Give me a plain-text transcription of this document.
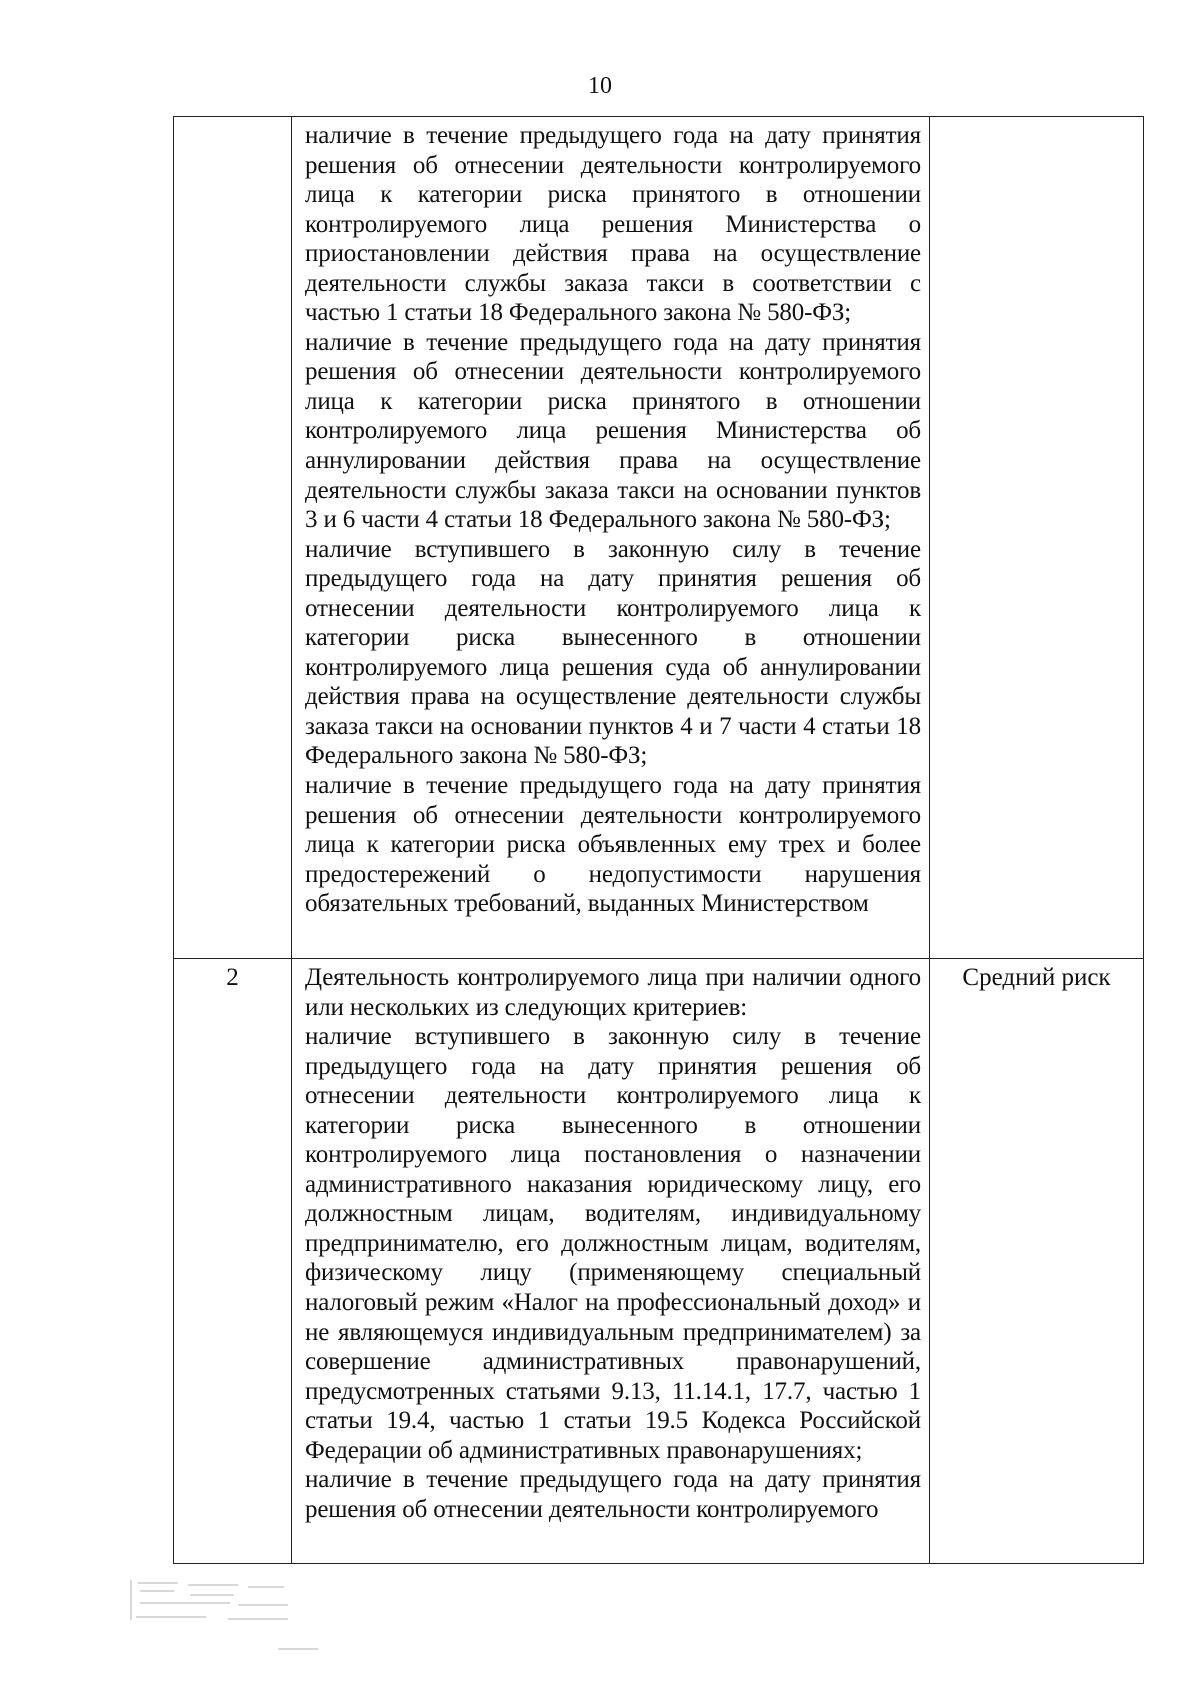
10

	наличие в течение предыдущего года на дату принятия решения об отнесении деятельности контролируемого лица к категории риска принятого в отношении контролируемого лица решения Министерства о приостановлении действия права на осуществление деятельности службы заказа такси в соответствии с частью 1 статьи 18 Федерального закона № 580-ФЗ;

наличие в течение предыдущего года на дату принятия решения об отнесении деятельности контролируемого лица к категории риска принятого в отношении контролируемого лица решения Министерства об аннулировании действия права на осуществление деятельности службы заказа такси на основании пунктов 3 и 6 части 4 статьи 18 Федерального закона № 580-ФЗ;

наличие вступившего в законную силу в течение предыдущего года на дату принятия решения об отнесении деятельности контролируемого лица к категории риска вынесенного в отношении контролируемого лица решения суда об аннулировании действия права на осуществление деятельности службы заказа такси на основании пунктов 4 и 7 части 4 статьи 18 Федерального закона № 580-ФЗ;

наличие в течение предыдущего года на дату принятия решения об отнесении деятельности контролируемого лица к категории риска объявленных ему трех и более предостережений о недопустимости нарушения обязательных требований, выданных Министерством	

2	Деятельность контролируемого лица при наличии одного или нескольких из следующих критериев:

наличие вступившего в законную силу в течение предыдущего года на дату принятия решения об отнесении деятельности контролируемого лица к категории риска вынесенного в отношении контролируемого лица постановления о назначении административного наказания юридическому лицу, его должностным лицам, водителям, индивидуальному предпринимателю, его должностным лицам, водителям, физическому лицу (применяющему специальный налоговый режим «Налог на профессиональный доход» и не являющемуся индивидуальным предпринимателем) за совершение административных правонарушений, предусмотренных статьями 9.13, 11.14.1, 17.7, частью 1 статьи 19.4, частью 1 статьи 19.5 Кодекса Российской Федерации об административных правонарушениях;

наличие в течение предыдущего года на дату принятия решения об отнесении деятельности контролируемого	Средний риск
